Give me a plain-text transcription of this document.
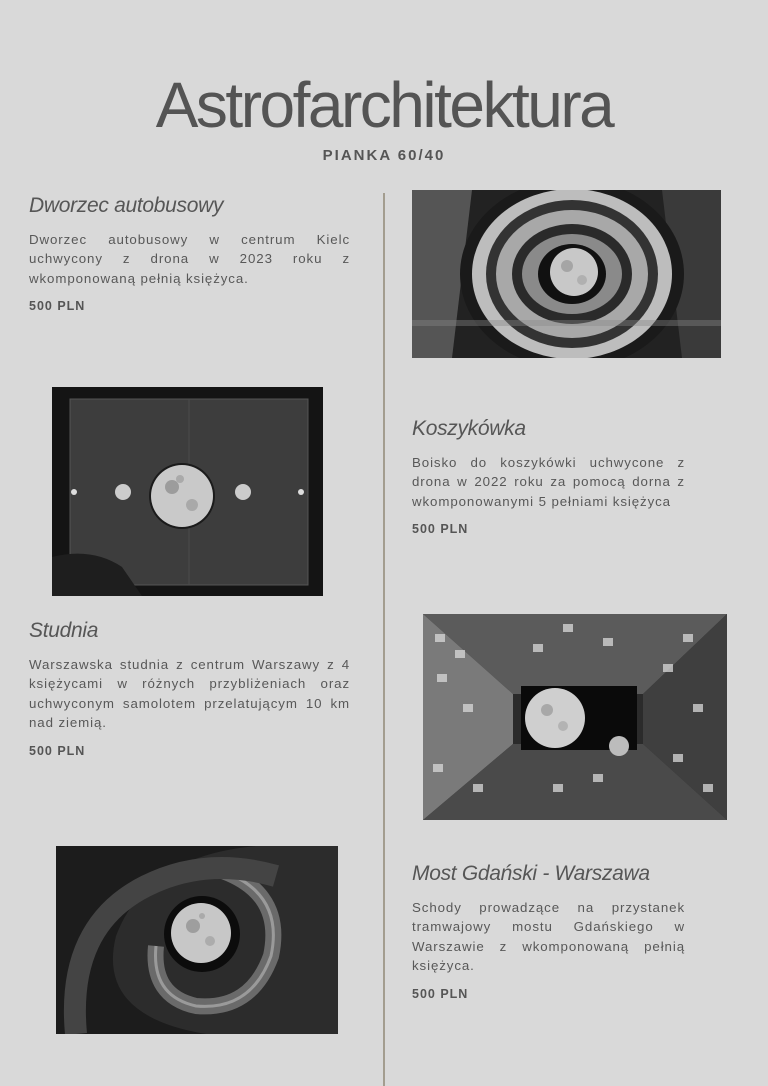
Astrofarchitektura
PIANKA 60/40
Dworzec autobusowy

Dworzec autobusowy w centrum Kielc uchwycony z drona w 2023 roku z wkomponowaną pełnią księżyca.

500 PLN
Koszykówka

Boisko do koszykówki uchwycone z drona w 2022 roku za pomocą dorna z wkomponowanymi 5 pełniami księżyca

500 PLN
Studnia

Warszawska studnia z centrum Warszawy z 4 księżycami w różnych przybliżeniach oraz uchwyconym samolotem przelatującym 10 km nad ziemią.

500 PLN
Most Gdański - Warszawa

Schody prowadzące na przystanek tramwajowy mostu Gdańskiego w Warszawie z wkomponowaną pełnią księżyca.

500 PLN
